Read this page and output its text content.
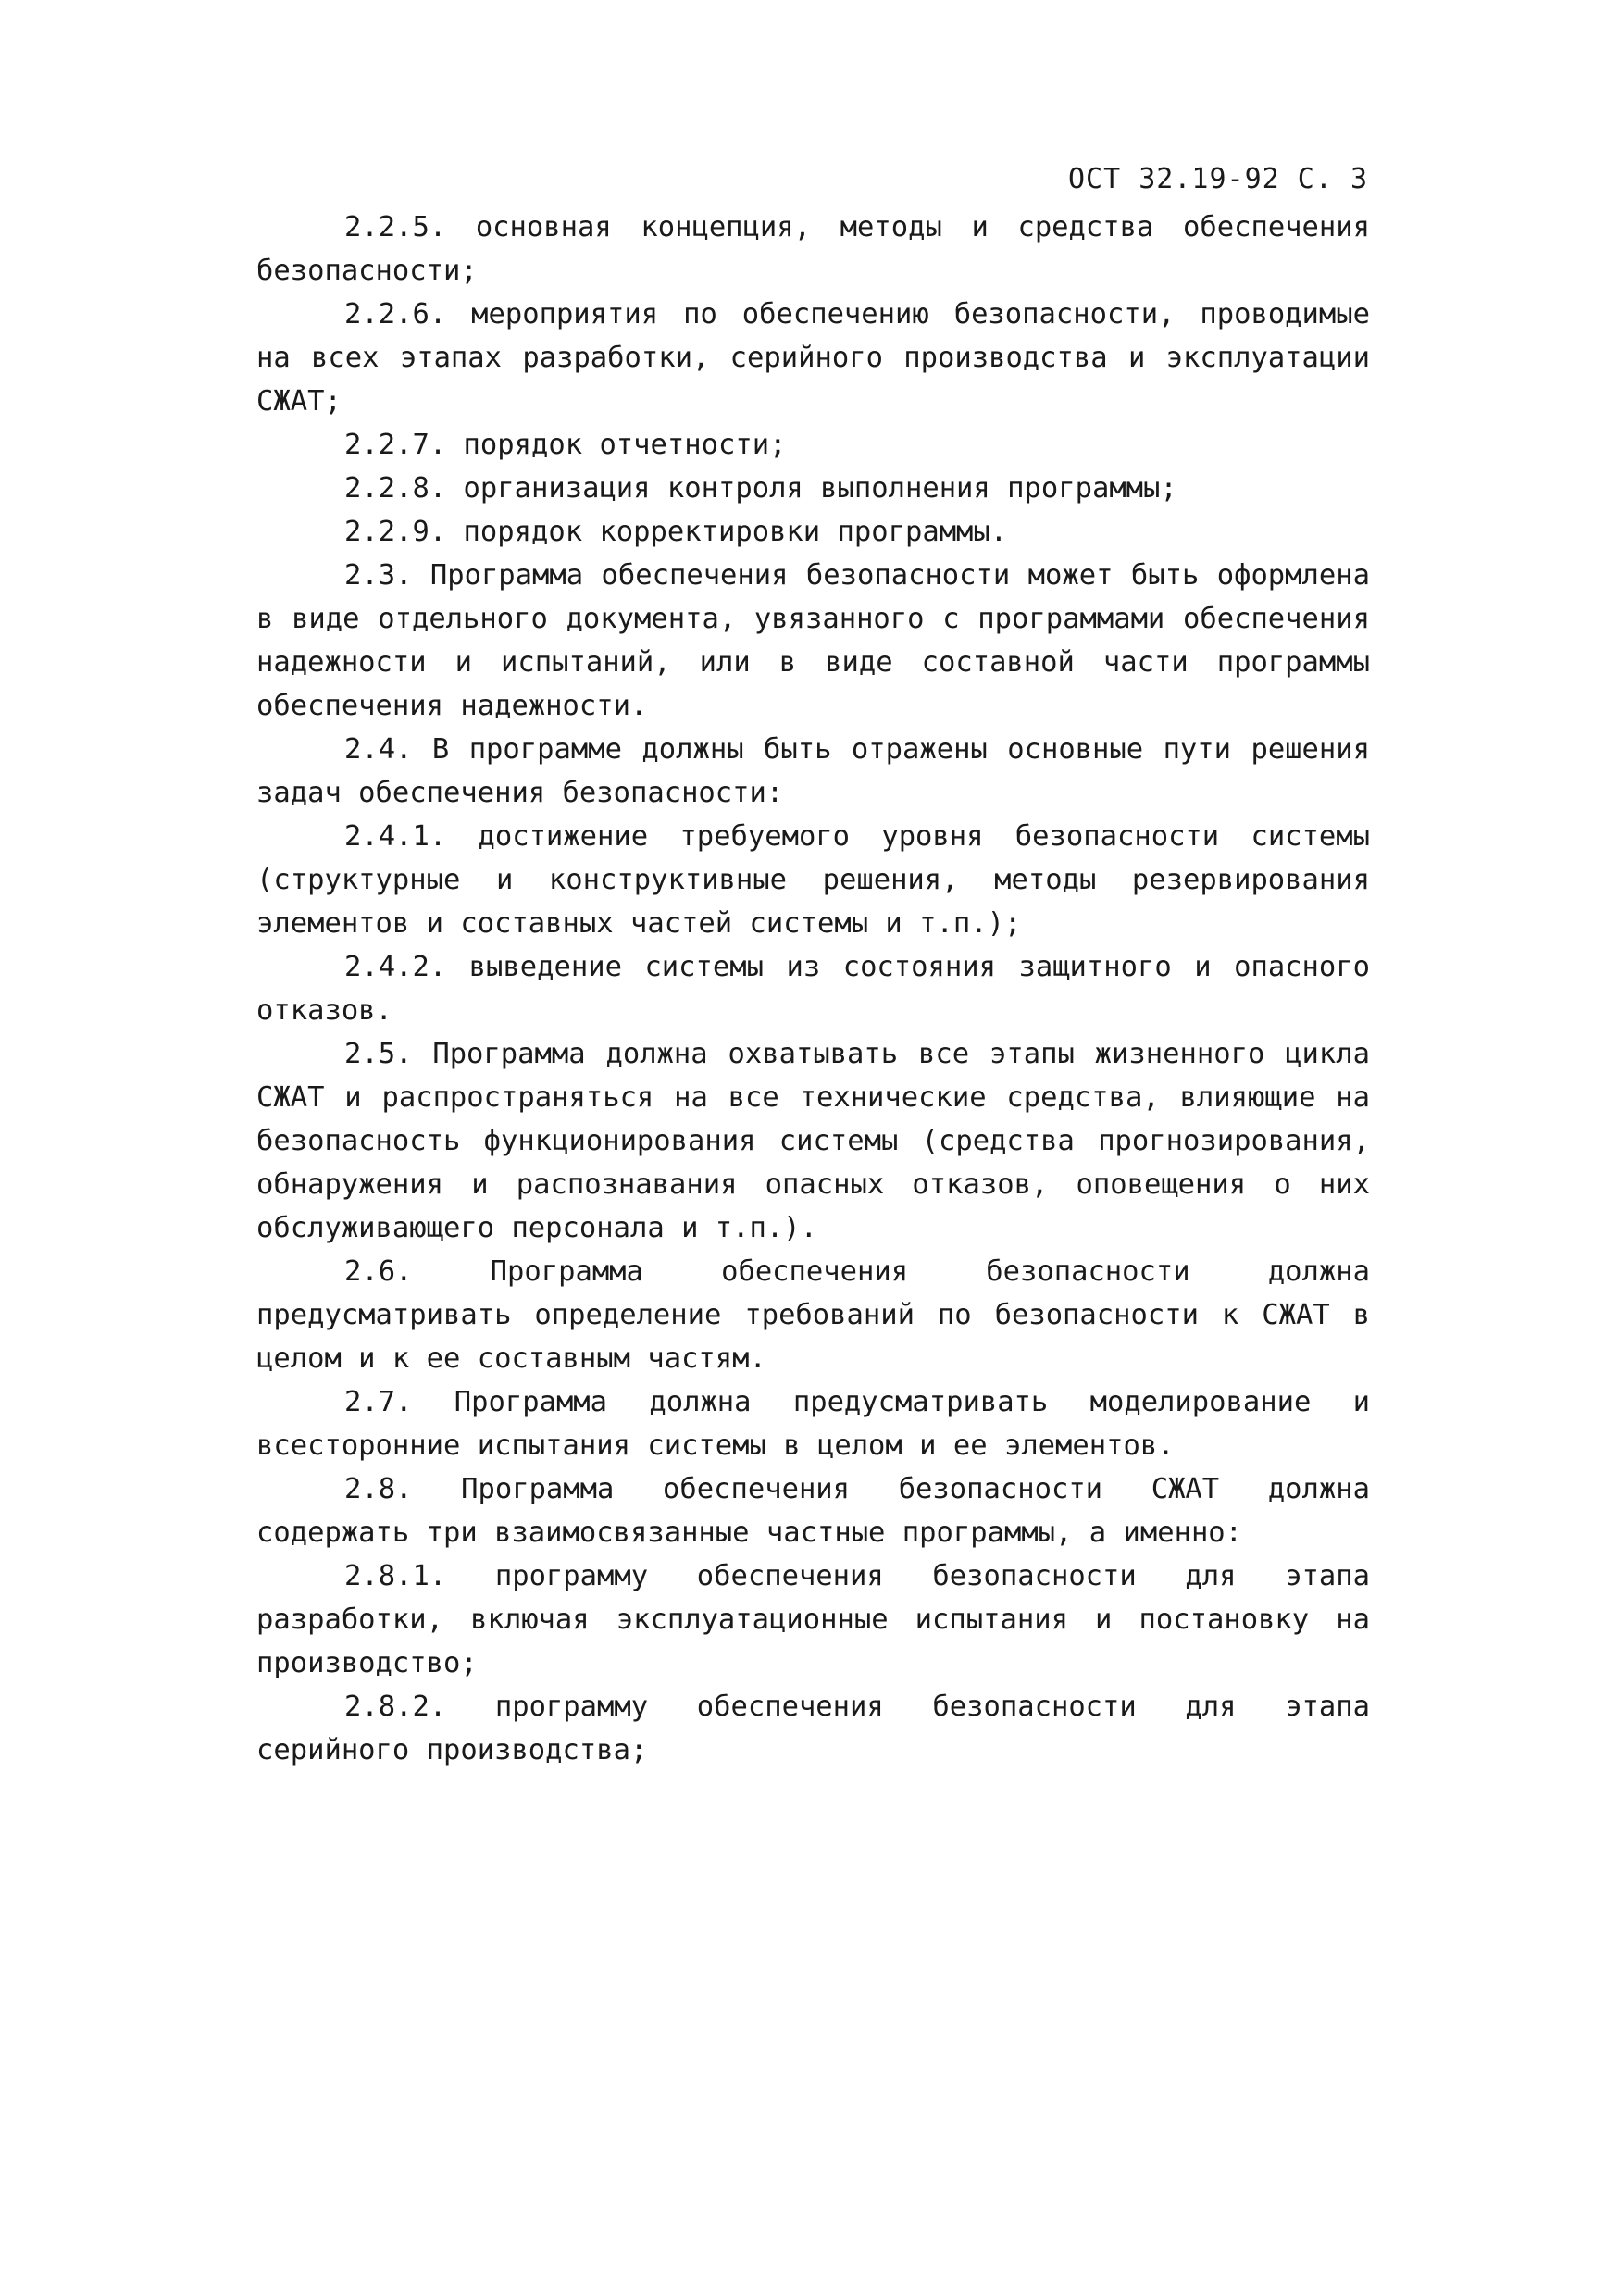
ОСТ 32.19-92 С. 3

2.2.5. основная концепция, методы и средства обеспечения безопасности;

2.2.6. мероприятия по обеспечению безопасности, проводимые на всех этапах разработки, серийного производства и эксплуатации СЖАТ;

2.2.7. порядок отчетности;

2.2.8. организация контроля выполнения программы;

2.2.9. порядок корректировки программы.

2.3. Программа обеспечения безопасности может быть оформлена в виде отдельного документа, увязанного с программами обеспечения надежности и испытаний, или в виде составной части программы обеспечения надежности.

2.4. В программе должны быть отражены основные пути решения задач обеспечения безопасности:

2.4.1. достижение требуемого уровня безопасности системы (структурные и конструктивные решения, методы резервирования элементов и составных частей системы и т.п.);

2.4.2. выведение системы из состояния защитного и опасного отказов.

2.5. Программа должна охватывать все этапы жизненного цикла СЖАТ и распространяться на все технические средства, влияющие на безопасность функционирования системы (средства прогнозирования, обнаружения и распознавания опасных отказов, оповещения о них обслуживающего персонала и т.п.).

2.6. Программа обеспечения безопасности должна предусматривать определение требований по безопасности к СЖАТ в целом и к ее составным частям.

2.7. Программа должна предусматривать моделирование и всесторонние испытания системы в целом и ее элементов.

2.8. Программа обеспечения безопасности СЖАТ должна содержать три взаимосвязанные частные программы, а именно:

2.8.1. программу обеспечения безопасности для этапа разработки, включая эксплуатационные испытания и постановку на производство;

2.8.2. программу обеспечения безопасности для этапа серийного производства;
